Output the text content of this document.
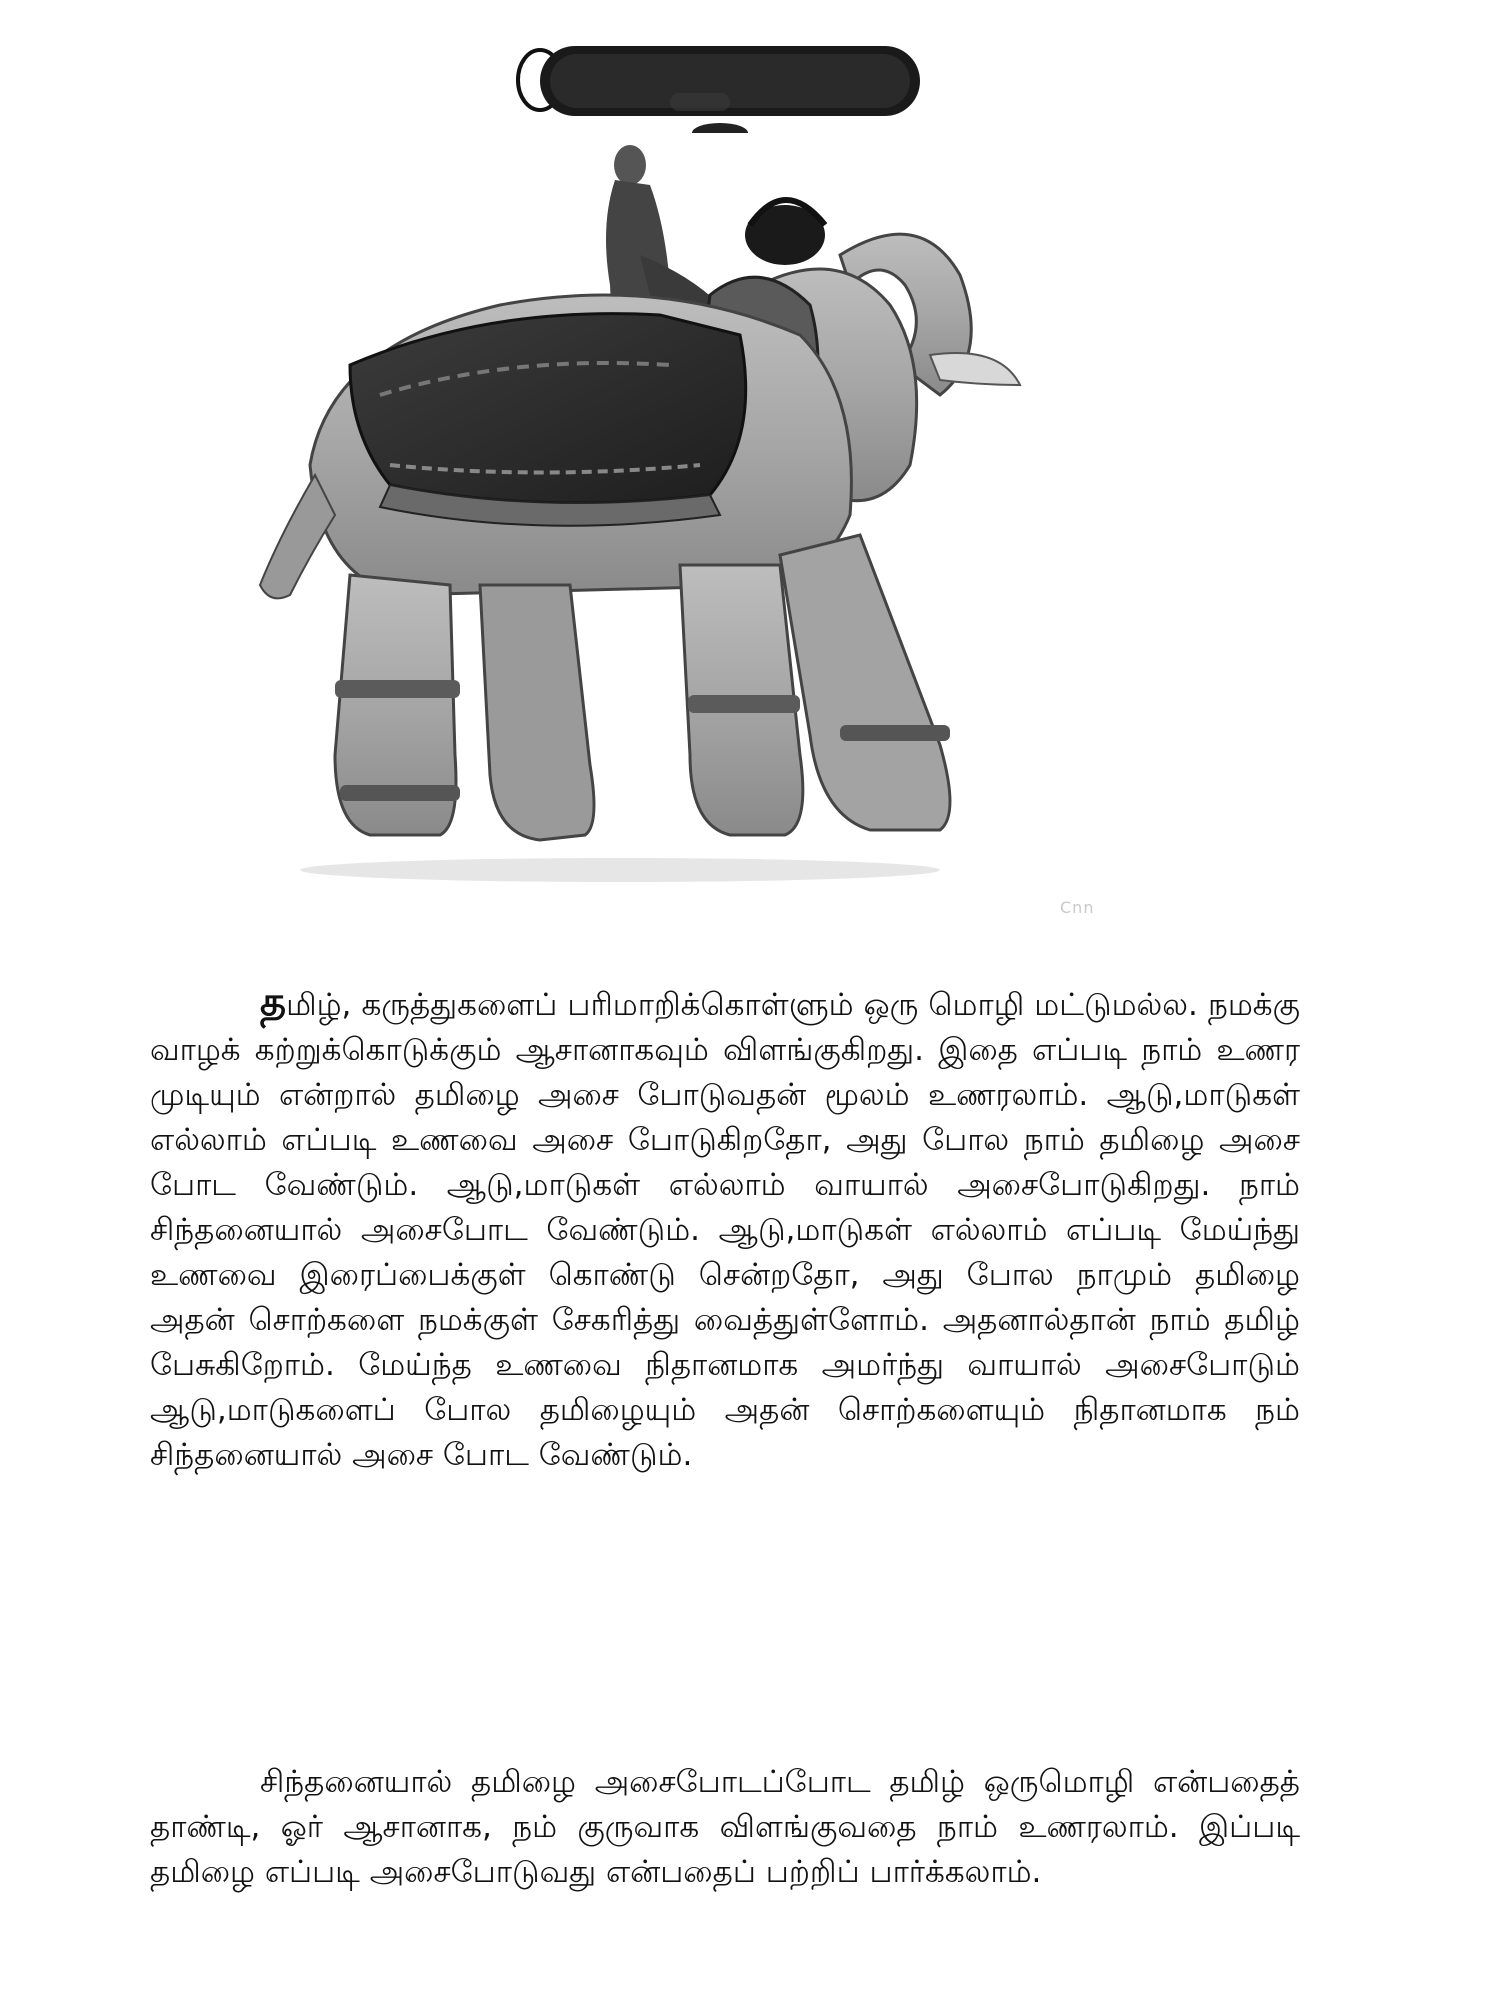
Cnn
தமிழ், கருத்துகளைப் பரிமாறிக்கொள்ளும் ஒரு மொழி மட்டுமல்ல. நமக்கு வாழக் கற்றுக்கொடுக்கும் ஆசானாகவும் விளங்குகிறது. இதை எப்படி நாம் உணர முடியும் என்றால் தமிழை அசை போடுவதன் மூலம் உணரலாம். ஆடு,மாடுகள் எல்லாம் எப்படி உணவை அசை போடுகிறதோ, அது போல நாம் தமிழை அசை போட வேண்டும். ஆடு,மாடுகள் எல்லாம் வாயால் அசைபோடுகிறது. நாம் சிந்தனையால் அசைபோட வேண்டும். ஆடு,மாடுகள் எல்லாம் எப்படி மேய்ந்து உணவை இரைப்பைக்குள் கொண்டு சென்றதோ, அது போல நாமும் தமிழை அதன் சொற்களை நமக்குள் சேகரித்து வைத்துள்ளோம். அதனால்தான் நாம் தமிழ் பேசுகிறோம். மேய்ந்த உணவை நிதானமாக அமர்ந்து வாயால் அசைபோடும் ஆடு,மாடுகளைப் போல தமிழையும் அதன் சொற்களையும் நிதானமாக நம் சிந்தனையால் அசை போட வேண்டும்.
சிந்தனையால் தமிழை அசைபோடப்போட தமிழ் ஒருமொழி என்பதைத் தாண்டி, ஓர் ஆசானாக, நம் குருவாக விளங்குவதை நாம் உணரலாம். இப்படி தமிழை எப்படி அசைபோடுவது என்பதைப் பற்றிப் பார்க்கலாம்.
